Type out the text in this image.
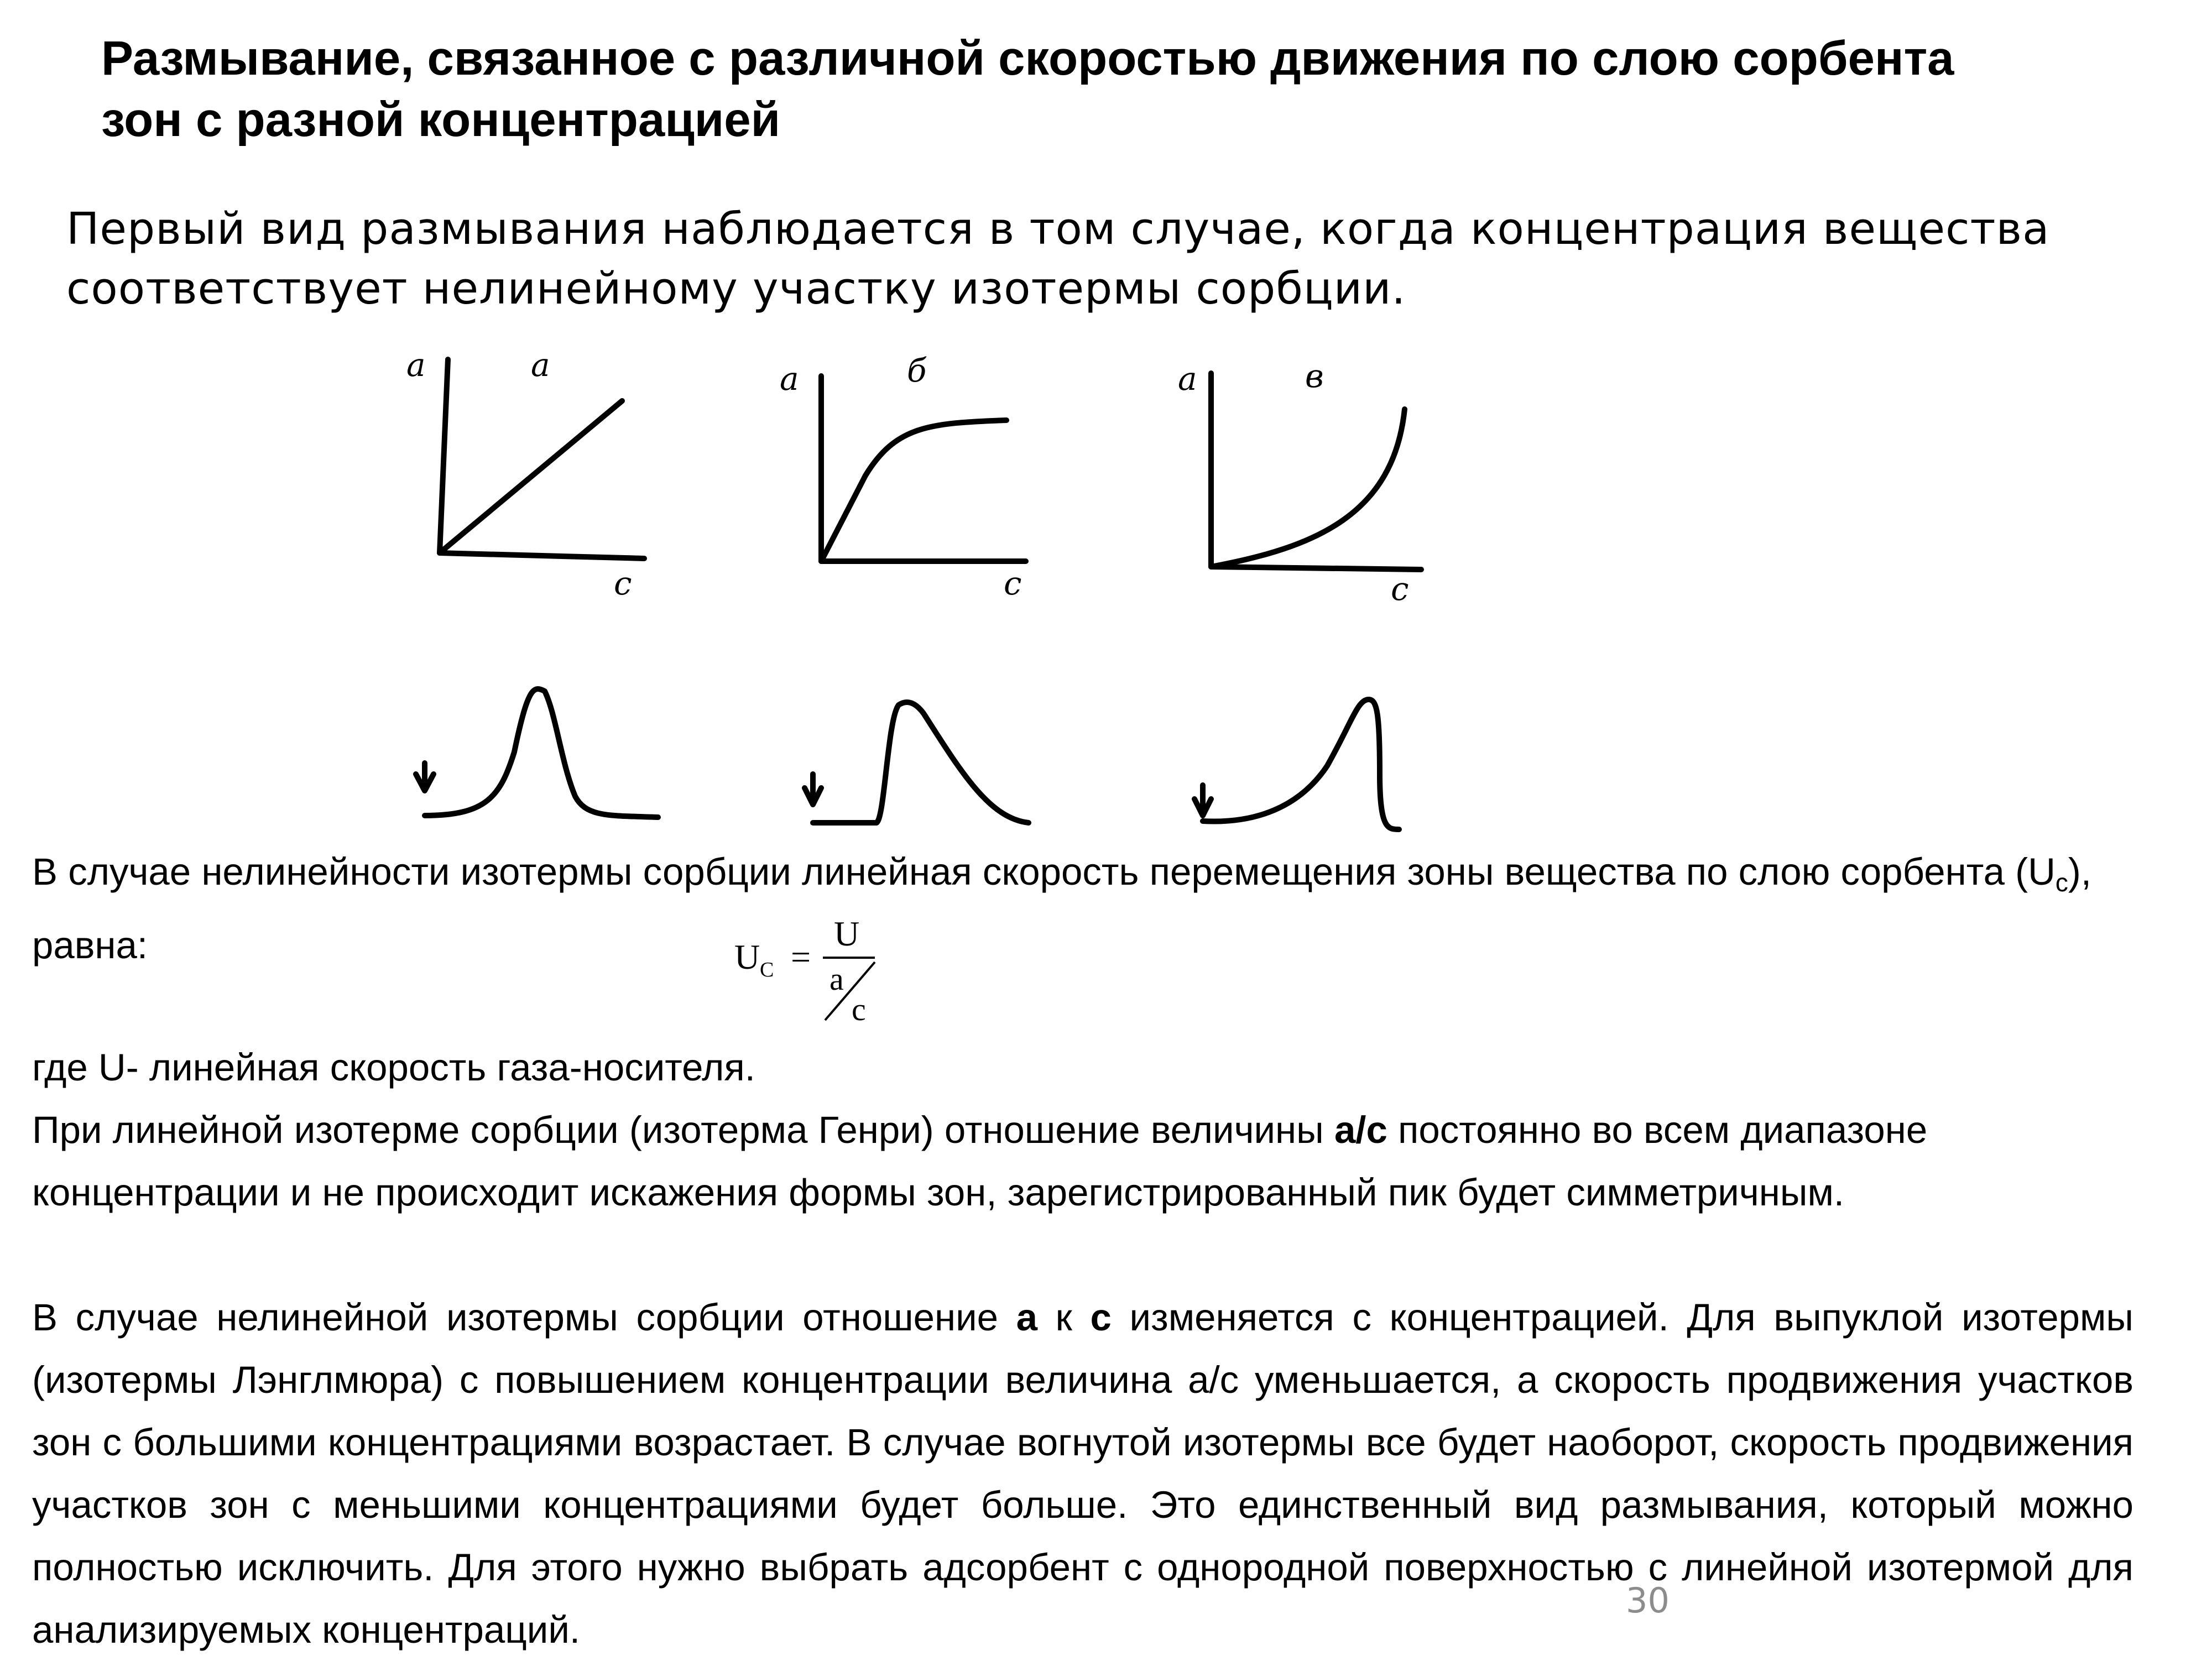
Размывание, связанное с различной скоростью движения по слою сорбента зон с разной концентрацией

Первый вид размывания наблюдается в том случае, когда концентрация вещества соответствует нелинейному участку изотермы сорбции.

a	а
c
a	б
c
a	в
c

В случае нелинейности изотермы сорбции линейная скорость перемещения зоны вещества по слою сорбента $(U_c)$, равна:	U C =
U
a
c

где U- линейная скорость газа-носителя.

При линейной изотерме сорбции (изотерма Генри) отношение величины а/с постоянно во всем диапазоне концентрации и не происходит искажения формы зон, зарегистрированный пик будет симметричным.

В случае нелинейной изотермы сорбции отношение а к с изменяется с концентрацией. Для выпуклой изотермы (изотермы Лэнглмюра) с повышением концентрации величина а/с уменьшается, а скорость продвижения участков зон с большими концентрациями возрастает. В случае вогнутой изотермы все будет наоборот, скорость продвижения участков зон с меньшими концентрациями будет больше. Это единственный вид размывания, который можно полностью исключить. Для этого нужно выбрать адсорбент с однородной поверхностью с линейной изотермой для анализируемых концентраций.

30
